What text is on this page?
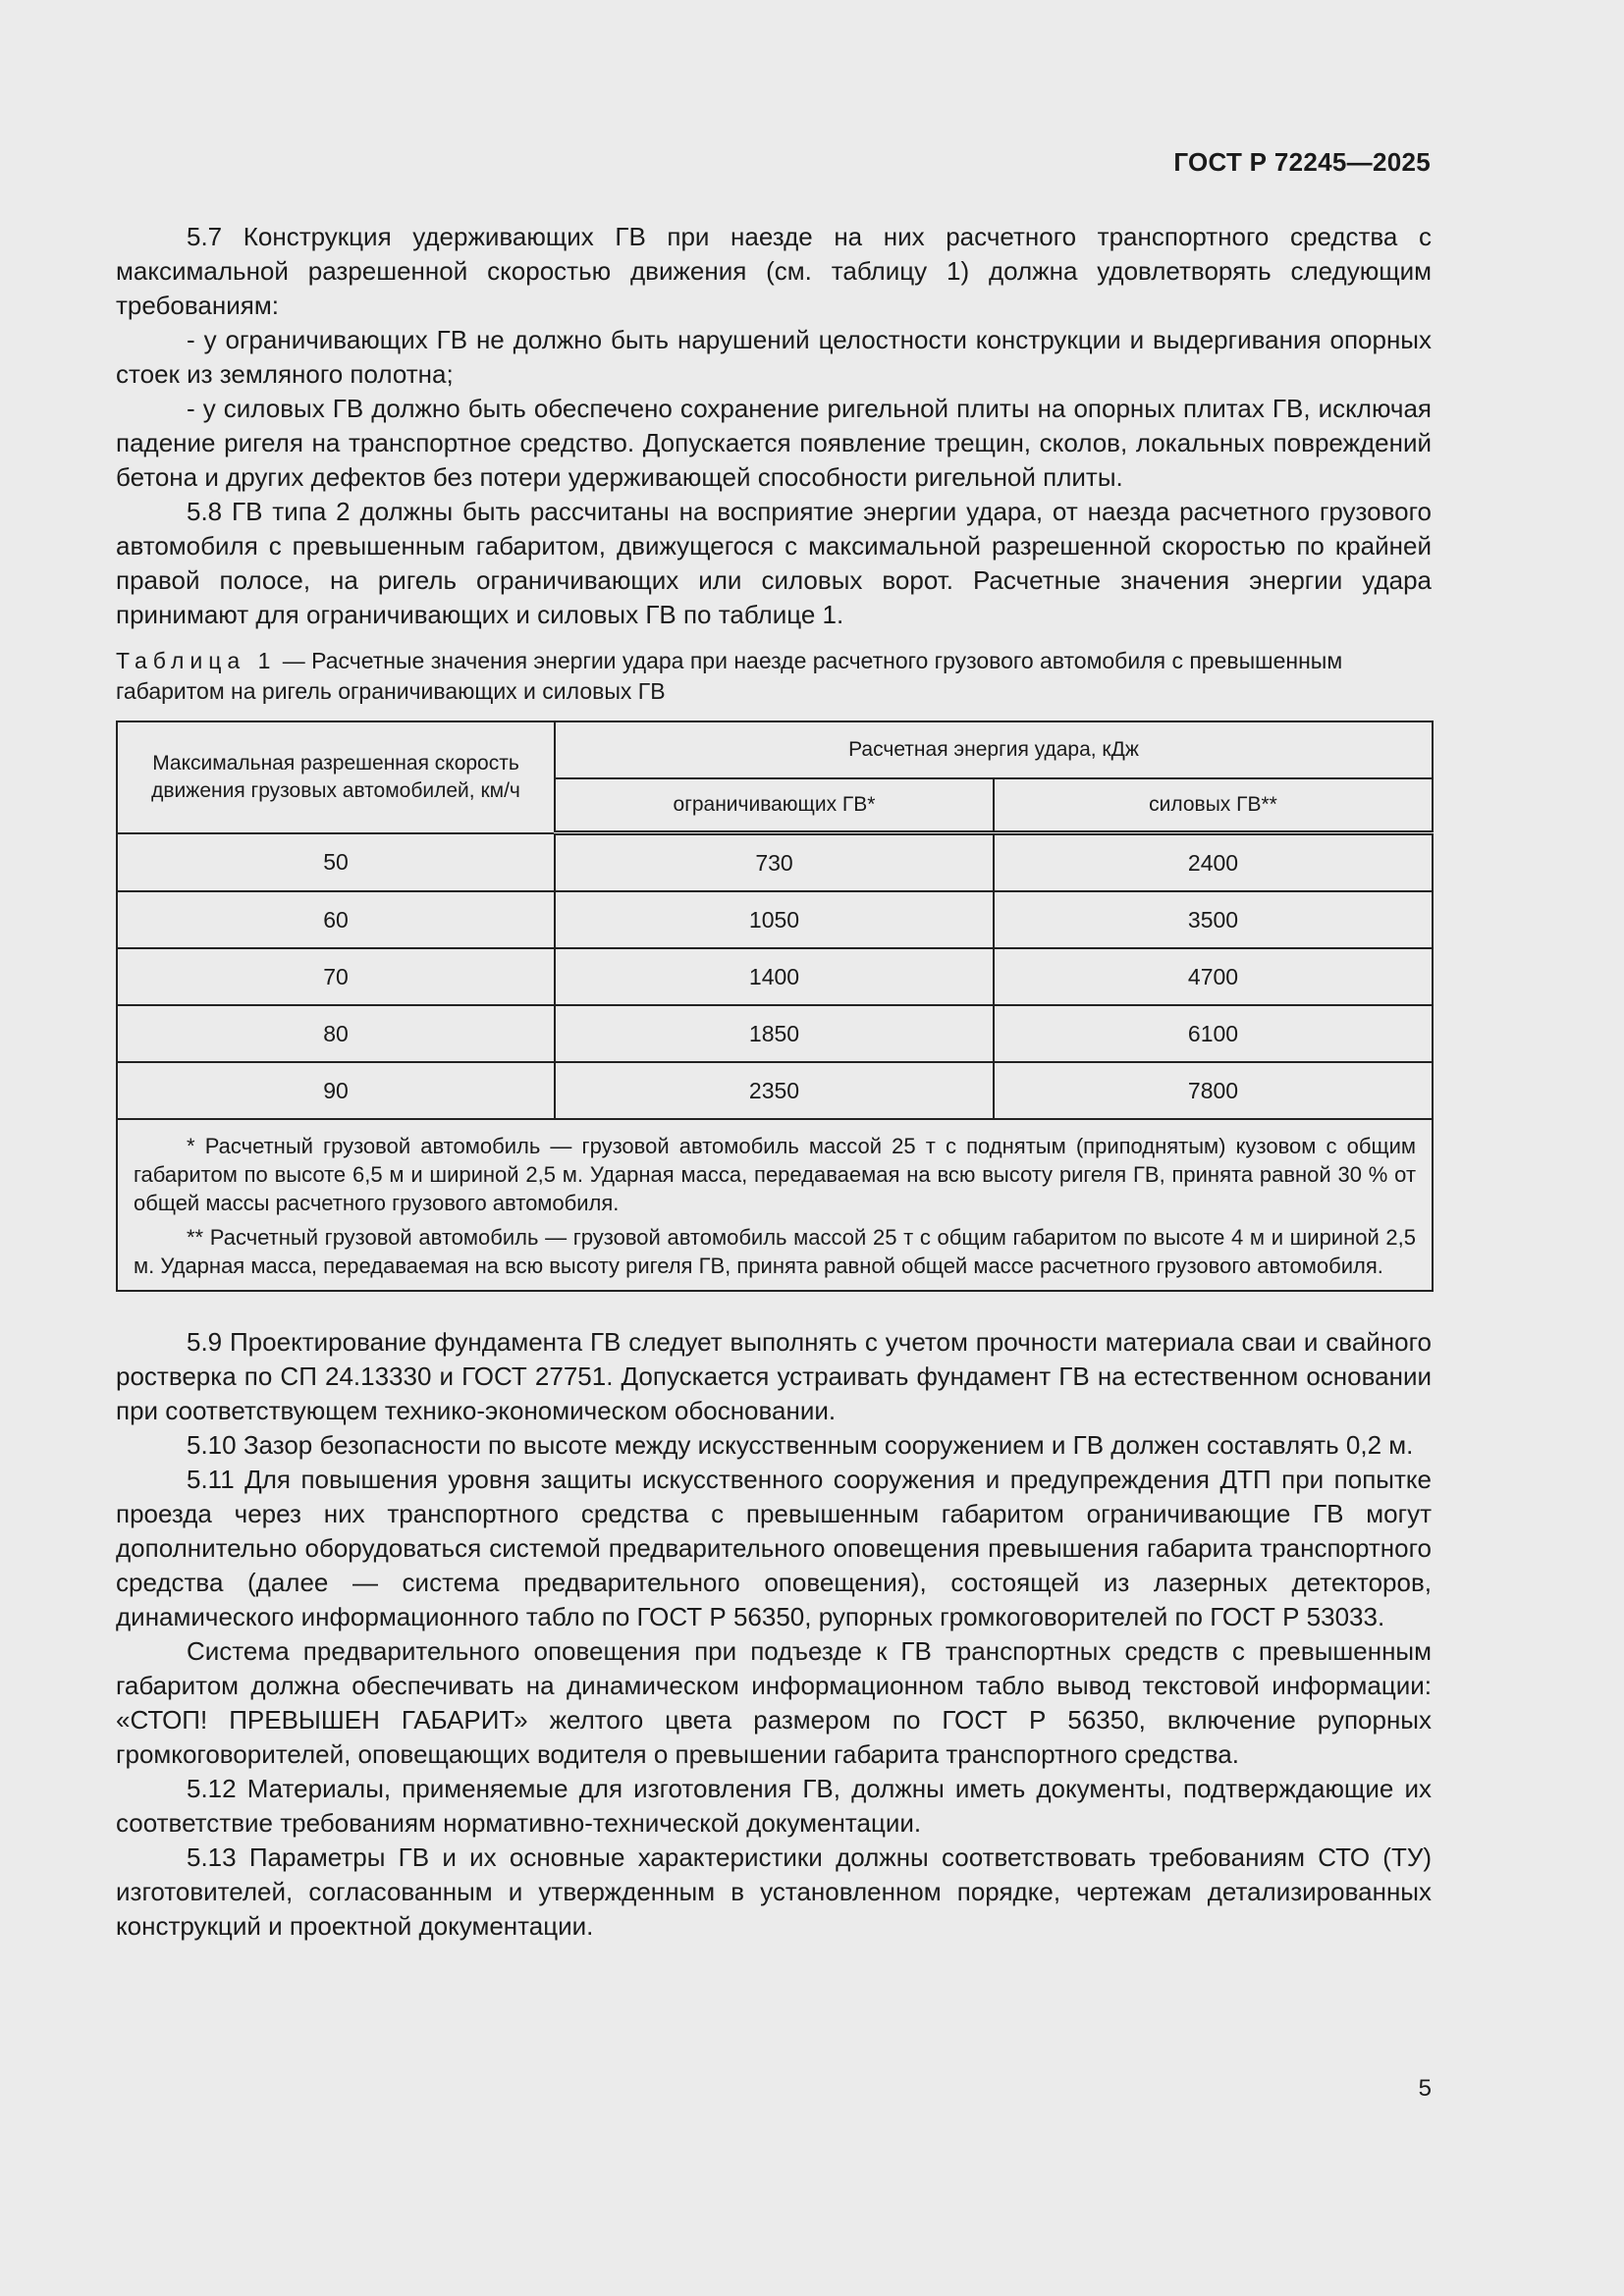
ГОСТ Р 72245—2025

5.7 Конструкция удерживающих ГВ при наезде на них расчетного транспортного средства с максимальной разрешенной скоростью движения (см. таблицу 1) должна удовлетворять следующим требованиям:

- у ограничивающих ГВ не должно быть нарушений целостности конструкции и выдергивания опорных стоек из земляного полотна;

- у силовых ГВ должно быть обеспечено сохранение ригельной плиты на опорных плитах ГВ, исключая падение ригеля на транспортное средство. Допускается появление трещин, сколов, локальных повреждений бетона и других дефектов без потери удерживающей способности ригельной плиты.

5.8 ГВ типа 2 должны быть рассчитаны на восприятие энергии удара, от наезда расчетного грузового автомобиля с превышенным габаритом, движущегося с максимальной разрешенной скоростью по крайней правой полосе, на ригель ограничивающих или силовых ворот. Расчетные значения энергии удара принимают для ограничивающих и силовых ГВ по таблице 1.

Таблица 1 — Расчетные значения энергии удара при наезде расчетного грузового автомобиля с превышенным габаритом на ригель ограничивающих и силовых ГВ
Максимальная разрешенная скорость движения грузовых автомобилей, км/ч	Расчетная энергия удара, кДж	
	ограничивающих ГВ*	силовых ГВ**
50	730	2400
60	1050	3500
70	1400	4700
80	1850	6100
90	2350	7800

* Расчетный грузовой автомобиль — грузовой автомобиль массой 25 т с поднятым (приподнятым) кузовом с общим габаритом по высоте 6,5 м и шириной 2,5 м. Ударная масса, передаваемая на всю высоту ригеля ГВ, принята равной 30 % от общей массы расчетного грузового автомобиля.

** Расчетный грузовой автомобиль — грузовой автомобиль массой 25 т с общим габаритом по высоте 4 м и шириной 2,5 м. Ударная масса, передаваемая на всю высоту ригеля ГВ, принята равной общей массе расчетного грузового автомобиля.		

5.9 Проектирование фундамента ГВ следует выполнять с учетом прочности материала сваи и свайного ростверка по СП 24.13330 и ГОСТ 27751. Допускается устраивать фундамент ГВ на естественном основании при соответствующем технико-экономическом обосновании.

5.10 Зазор безопасности по высоте между искусственным сооружением и ГВ должен составлять 0,2 м.

5.11 Для повышения уровня защиты искусственного сооружения и предупреждения ДТП при попытке проезда через них транспортного средства с превышенным габаритом ограничивающие ГВ могут дополнительно оборудоваться системой предварительного оповещения превышения габарита транспортного средства (далее — система предварительного оповещения), состоящей из лазерных детекторов, динамического информационного табло по ГОСТ Р 56350, рупорных громкоговорителей по ГОСТ Р 53033.

Система предварительного оповещения при подъезде к ГВ транспортных средств с превышенным габаритом должна обеспечивать на динамическом информационном табло вывод текстовой информации: «СТОП! ПРЕВЫШЕН ГАБАРИТ» желтого цвета размером по ГОСТ Р 56350, включение рупорных громкоговорителей, оповещающих водителя о превышении габарита транспортного средства.

5.12 Материалы, применяемые для изготовления ГВ, должны иметь документы, подтверждающие их соответствие требованиям нормативно-технической документации.

5.13 Параметры ГВ и их основные характеристики должны соответствовать требованиям СТО (ТУ) изготовителей, согласованным и утвержденным в установленном порядке, чертежам детализированных конструкций и проектной документации.

5
